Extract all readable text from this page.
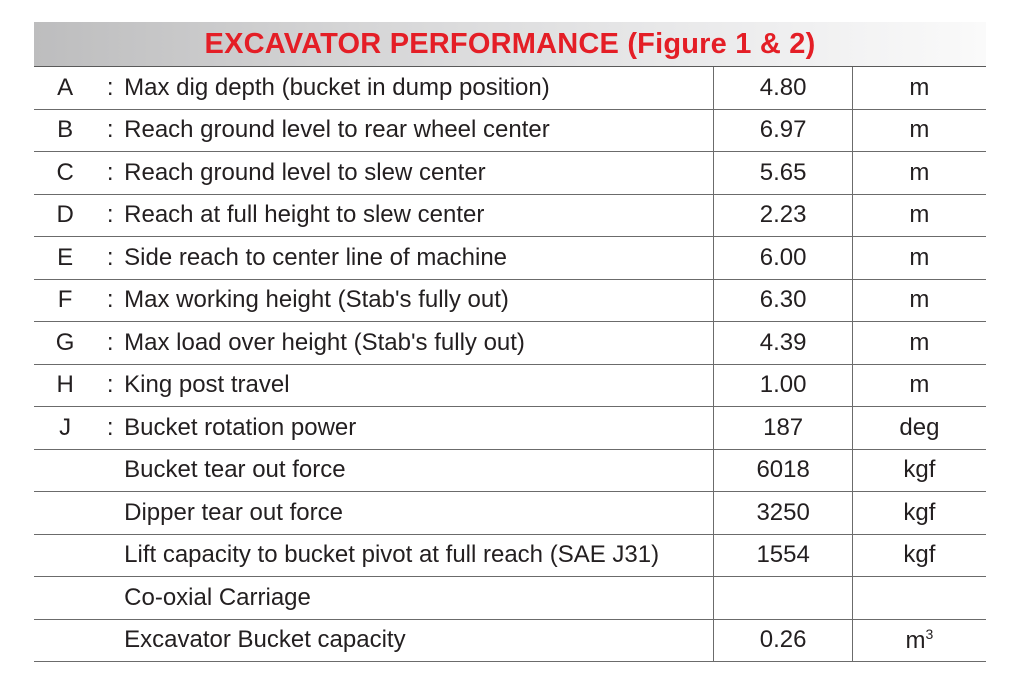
EXCAVATOR PERFORMANCE (Figure 1 & 2)
A	:	Max dig depth (bucket in dump position)	4.80	m
B	:	Reach ground level to rear wheel center	6.97	m
C	:	Reach ground level to slew center	5.65	m
D	:	Reach at full height to slew center	2.23	m
E	:	Side reach to center line of machine	6.00	m
F	:	Max working height (Stab's fully out)	6.30	m
G	:	Max load over height (Stab's fully out)	4.39	m
H	:	King post travel	1.00	m
J	:	Bucket rotation power	187	deg
		Bucket tear out force	6018	kgf
		Dipper tear out force	3250	kgf
		Lift capacity to bucket pivot at full reach (SAE J31)	1554	kgf
		Co-oxial Carriage		
		Excavator Bucket capacity	0.26	$m^3$
